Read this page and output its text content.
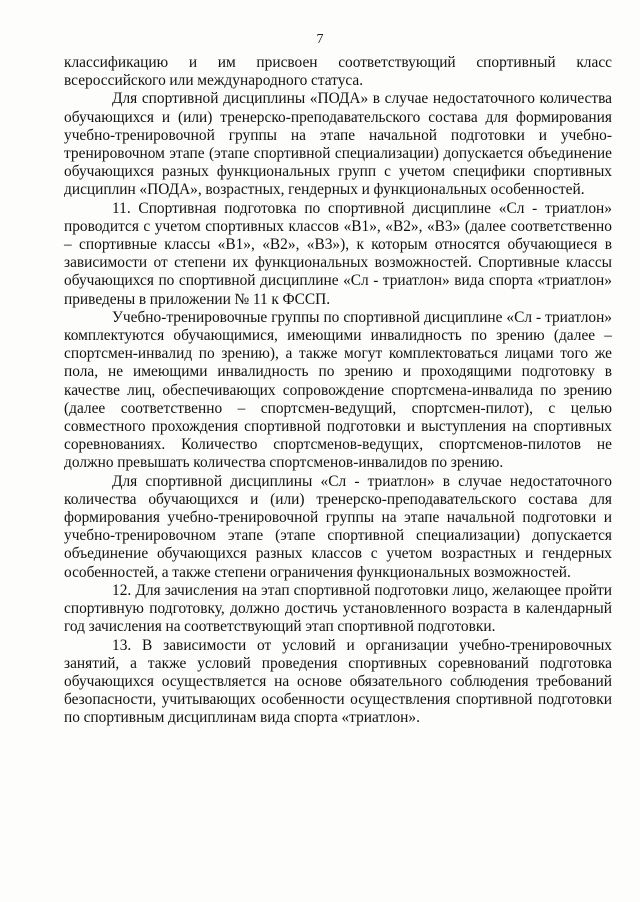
7

классификацию и им присвоен соответствующий спортивный класс всероссийского или международного статуса.

Для спортивной дисциплины «ПОДА» в случае недостаточного количества обучающихся и (или) тренерско-преподавательского состава для формирования учебно-тренировочной группы на этапе начальной подготовки и учебно-тренировочном этапе (этапе спортивной специализации) допускается объединение обучающихся разных функциональных групп с учетом специфики спортивных дисциплин «ПОДА», возрастных, гендерных и функциональных особенностей.

11. Спортивная подготовка по спортивной дисциплине «Сл - триатлон» проводится с учетом спортивных классов «В1», «В2», «В3» (далее соответственно – спортивные классы «В1», «В2», «В3»), к которым относятся обучающиеся в зависимости от степени их функциональных возможностей. Спортивные классы обучающихся по спортивной дисциплине «Сл - триатлон» вида спорта «триатлон» приведены в приложении № 11 к ФССП.

Учебно-тренировочные группы по спортивной дисциплине «Сл - триатлон» комплектуются обучающимися, имеющими инвалидность по зрению (далее – спортсмен-инвалид по зрению), а также могут комплектоваться лицами того же пола, не имеющими инвалидность по зрению и проходящими подготовку в качестве лиц, обеспечивающих сопровождение спортсмена-инвалида по зрению (далее соответственно – спортсмен-ведущий, спортсмен-пилот), с целью совместного прохождения спортивной подготовки и выступления на спортивных соревнованиях. Количество спортсменов-ведущих, спортсменов-пилотов не должно превышать количества спортсменов-инвалидов по зрению.

Для спортивной дисциплины «Сл - триатлон» в случае недостаточного количества обучающихся и (или) тренерско-преподавательского состава для формирования учебно-тренировочной группы на этапе начальной подготовки и учебно-тренировочном этапе (этапе спортивной специализации) допускается объединение обучающихся разных классов с учетом возрастных и гендерных особенностей, а также степени ограничения функциональных возможностей.

12. Для зачисления на этап спортивной подготовки лицо, желающее пройти спортивную подготовку, должно достичь установленного возраста в календарный год зачисления на соответствующий этап спортивной подготовки.

13. В зависимости от условий и организации учебно-тренировочных занятий, а также условий проведения спортивных соревнований подготовка обучающихся осуществляется на основе обязательного соблюдения требований безопасности, учитывающих особенности осуществления спортивной подготовки по спортивным дисциплинам вида спорта «триатлон».
